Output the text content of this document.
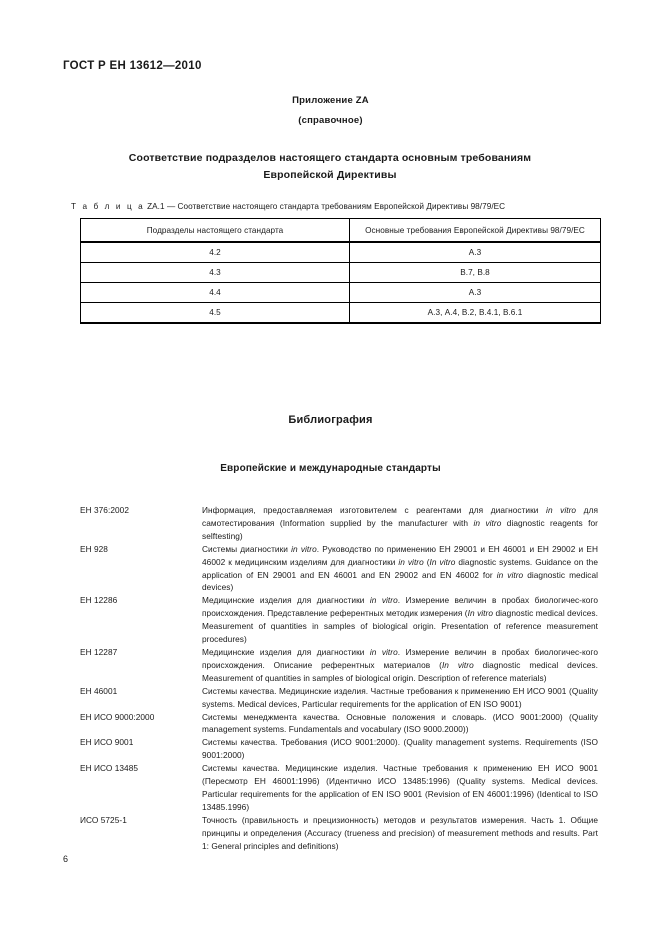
ГОСТ Р ЕН 13612—2010
Приложение ZA
(справочное)
Соответствие подразделов настоящего стандарта основным требованиям
Европейской Директивы
Т а б л и ц а ZA.1 — Соответствие настоящего стандарта требованиям Европейской Директивы 98/79/ЕС
Подразделы настоящего стандарта	Основные требования Европейской Директивы 98/79/ЕС
4.2	А.3
4.3	В.7, В.8
4.4	А.3
4.5	А.3, А.4, В.2, В.4.1, В.6.1
Библиография
Европейские и международные стандарты
ЕН 376:2002	Информация, предоставляемая изготовителем с реагентами для диагностики in vitro для самотестирования (Information supplied by the manufacturer with in vitro diagnostic reagents for selftesting)
ЕН 928	Системы диагностики in vitro. Руководство по применению ЕН 29001 и ЕН 46001 и ЕН 29002 и ЕН 46002 к медицинским изделиям для диагностики in vitro (In vitro diagnostic systems. Guidance on the application of EN 29001 and EN 46001 and EN 29002 and EN 46002 for in vitro diagnostic medical devices)
ЕН 12286	Медицинские изделия для диагностики in vitro. Измерение величин в пробах биологичес-кого происхождения. Представление референтных методик измерения (In vitro diagnostic medical devices. Measurement of quantities in samples of biological origin. Presentation of reference measurement procedures)
ЕН 12287	Медицинские изделия для диагностики in vitro. Измерение величин в пробах биологичес-кого происхождения. Описание референтных материалов (In vitro diagnostic medical devices. Measurement of quantities in samples of biological origin. Description of reference materials)
ЕН 46001	Системы качества. Медицинские изделия. Частные требования к применению ЕН ИСО 9001 (Quality systems. Medical devices, Particular requirements for the application of EN ISO 9001)
ЕН ИСО 9000:2000	Системы менеджмента качества. Основные положения и словарь. (ИСО 9001:2000) (Quality management systems. Fundamentals and vocabulary (ISO 9000.2000))
ЕН ИСО 9001	Системы качества. Требования (ИСО 9001:2000). (Quality management systems. Requirements (ISO 9001:2000)
ЕН ИСО 13485	Системы качества. Медицинские изделия. Частные требования к применению ЕН ИСО 9001 (Пересмотр ЕН 46001:1996) (Идентично ИСО 13485:1996) (Quality systems. Medical devices. Particular requirements for the application of EN ISO 9001 (Revision of EN 46001:1996) (Identical to ISO 13485.1996)
ИСО 5725-1	Точность (правильность и прецизионность) методов и результатов измерения. Часть 1. Общие принципы и определения (Accuracy (trueness and precision) of measurement methods and results. Part 1: General principles and definitions)
6
